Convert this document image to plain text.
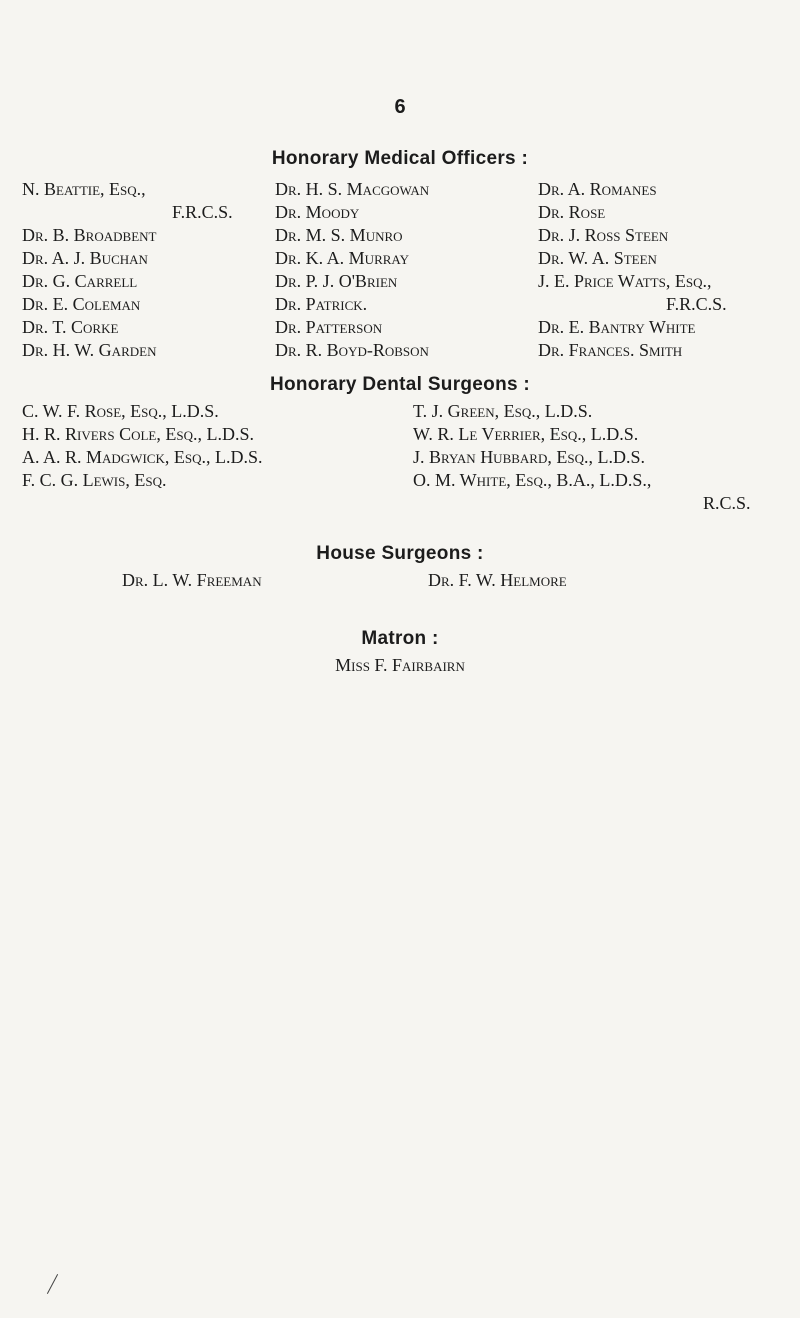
6
Honorary Medical Officers :
N. Beattie, Esq.,
F.R.C.S.
Dr. B. Broadbent
Dr. A. J. Buchan
Dr. G. Carrell
Dr. E. Coleman
Dr. T. Corke
Dr. H. W. Garden
Dr. H. S. Macgowan
Dr. Moody
Dr. M. S. Munro
Dr. K. A. Murray
Dr. P. J. O'Brien
Dr. Patrick.
Dr. Patterson
Dr. R. Boyd-Robson
Dr. A. Romanes
Dr. Rose
Dr. J. Ross Steen
Dr. W. A. Steen
J. E. Price Watts, Esq.,
F.R.C.S.
Dr. E. Bantry White
Dr. Frances. Smith
Honorary Dental Surgeons :
C. W. F. Rose, Esq., L.D.S.
H. R. Rivers Cole, Esq., L.D.S.
A. A. R. Madgwick, Esq., L.D.S.
F. C. G. Lewis, Esq.
T. J. Green, Esq., L.D.S.
W. R. Le Verrier, Esq., L.D.S.
J. Bryan Hubbard, Esq., L.D.S.
O. M. White, Esq., B.A., L.D.S.,
R.C.S.
House Surgeons :
Dr. L. W. Freeman	Dr. F. W. Helmore
Matron :
Miss F. Fairbairn
